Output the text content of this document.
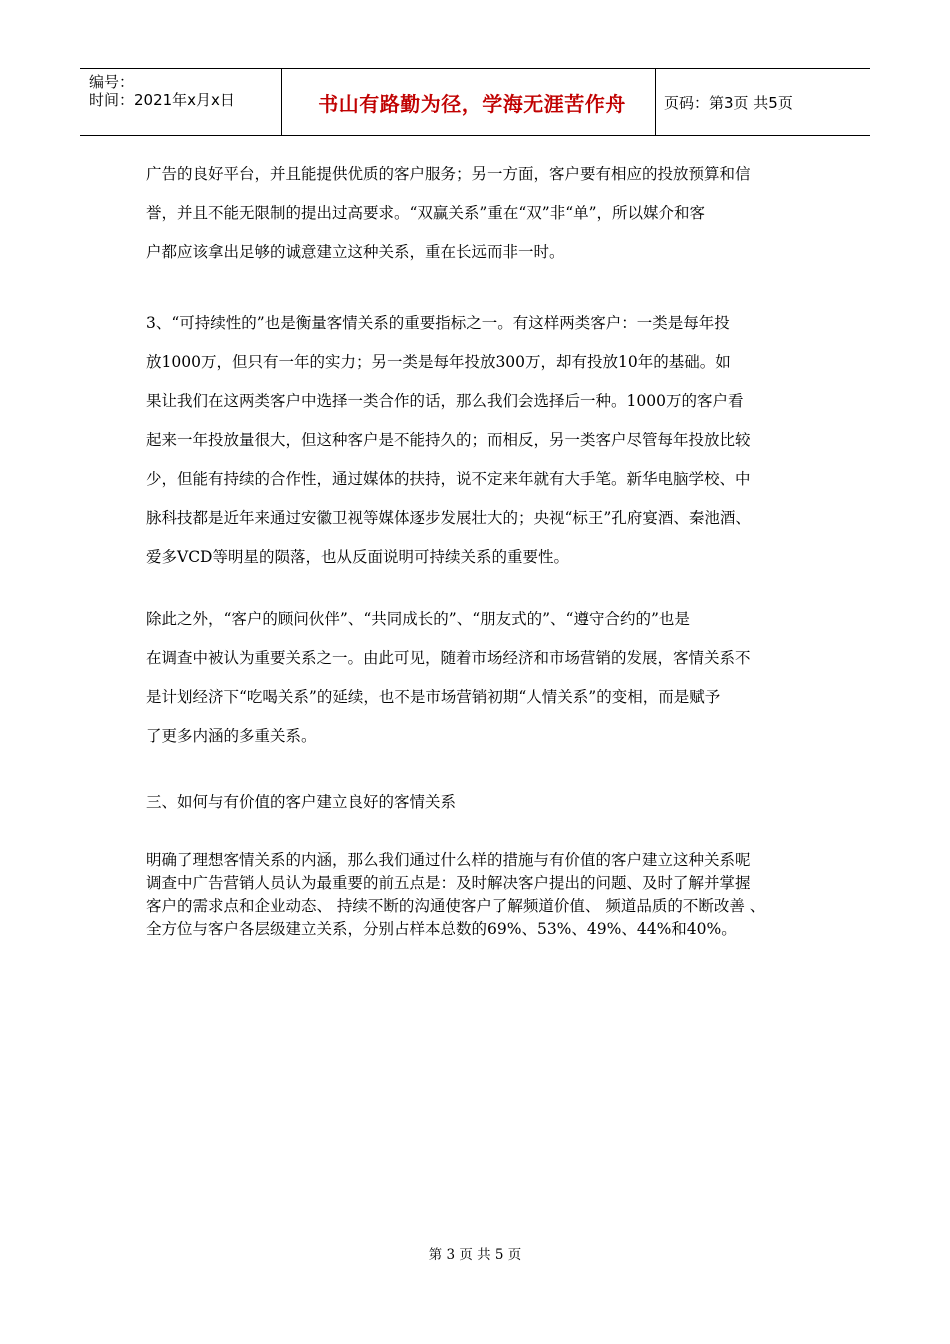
编号：
时间：2021年x月x日	书山有路勤为径，学海无涯苦作舟	页码：第3页 共5页
广告的良好平台，并且能提供优质的客户服务；另一方面，客户要有相应的投放预算和信
誉，并且不能无限制的提出过高要求。“双赢关系”重在“双”非“单”，所以媒介和客
户都应该拿出足够的诚意建立这种关系，重在长远而非一时。
3、“可持续性的”也是衡量客情关系的重要指标之一。有这样两类客户：一类是每年投
放1000万，但只有一年的实力；另一类是每年投放300万，却有投放10年的基础。如
果让我们在这两类客户中选择一类合作的话，那么我们会选择后一种。1000万的客户看
起来一年投放量很大，但这种客户是不能持久的；而相反，另一类客户尽管每年投放比较
少，但能有持续的合作性，通过媒体的扶持，说不定来年就有大手笔。新华电脑学校、中
脉科技都是近年来通过安徽卫视等媒体逐步发展壮大的；央视“标王”孔府宴酒、秦池酒、
爱多VCD等明星的陨落，也从反面说明可持续关系的重要性。
除此之外，“客户的顾问伙伴”、“共同成长的”、“朋友式的”、“遵守合约的”也是
在调查中被认为重要关系之一。由此可见，随着市场经济和市场营销的发展，客情关系不
是计划经济下“吃喝关系”的延续，也不是市场营销初期“人情关系”的变相，而是赋予
了更多内涵的多重关系。
三、如何与有价值的客户建立良好的客情关系
明确了理想客情关系的内涵，那么我们通过什么样的措施与有价值的客户建立这种关系呢
调查中广告营销人员认为最重要的前五点是：及时解决客户提出的问题、及时了解并掌握
客户的需求点和企业动态、 持续不断的沟通使客户了解频道价值、 频道品质的不断改善 、
全方位与客户各层级建立关系，分别占样本总数的69%、53%、49%、44%和40%。
第 3 页 共 5 页
